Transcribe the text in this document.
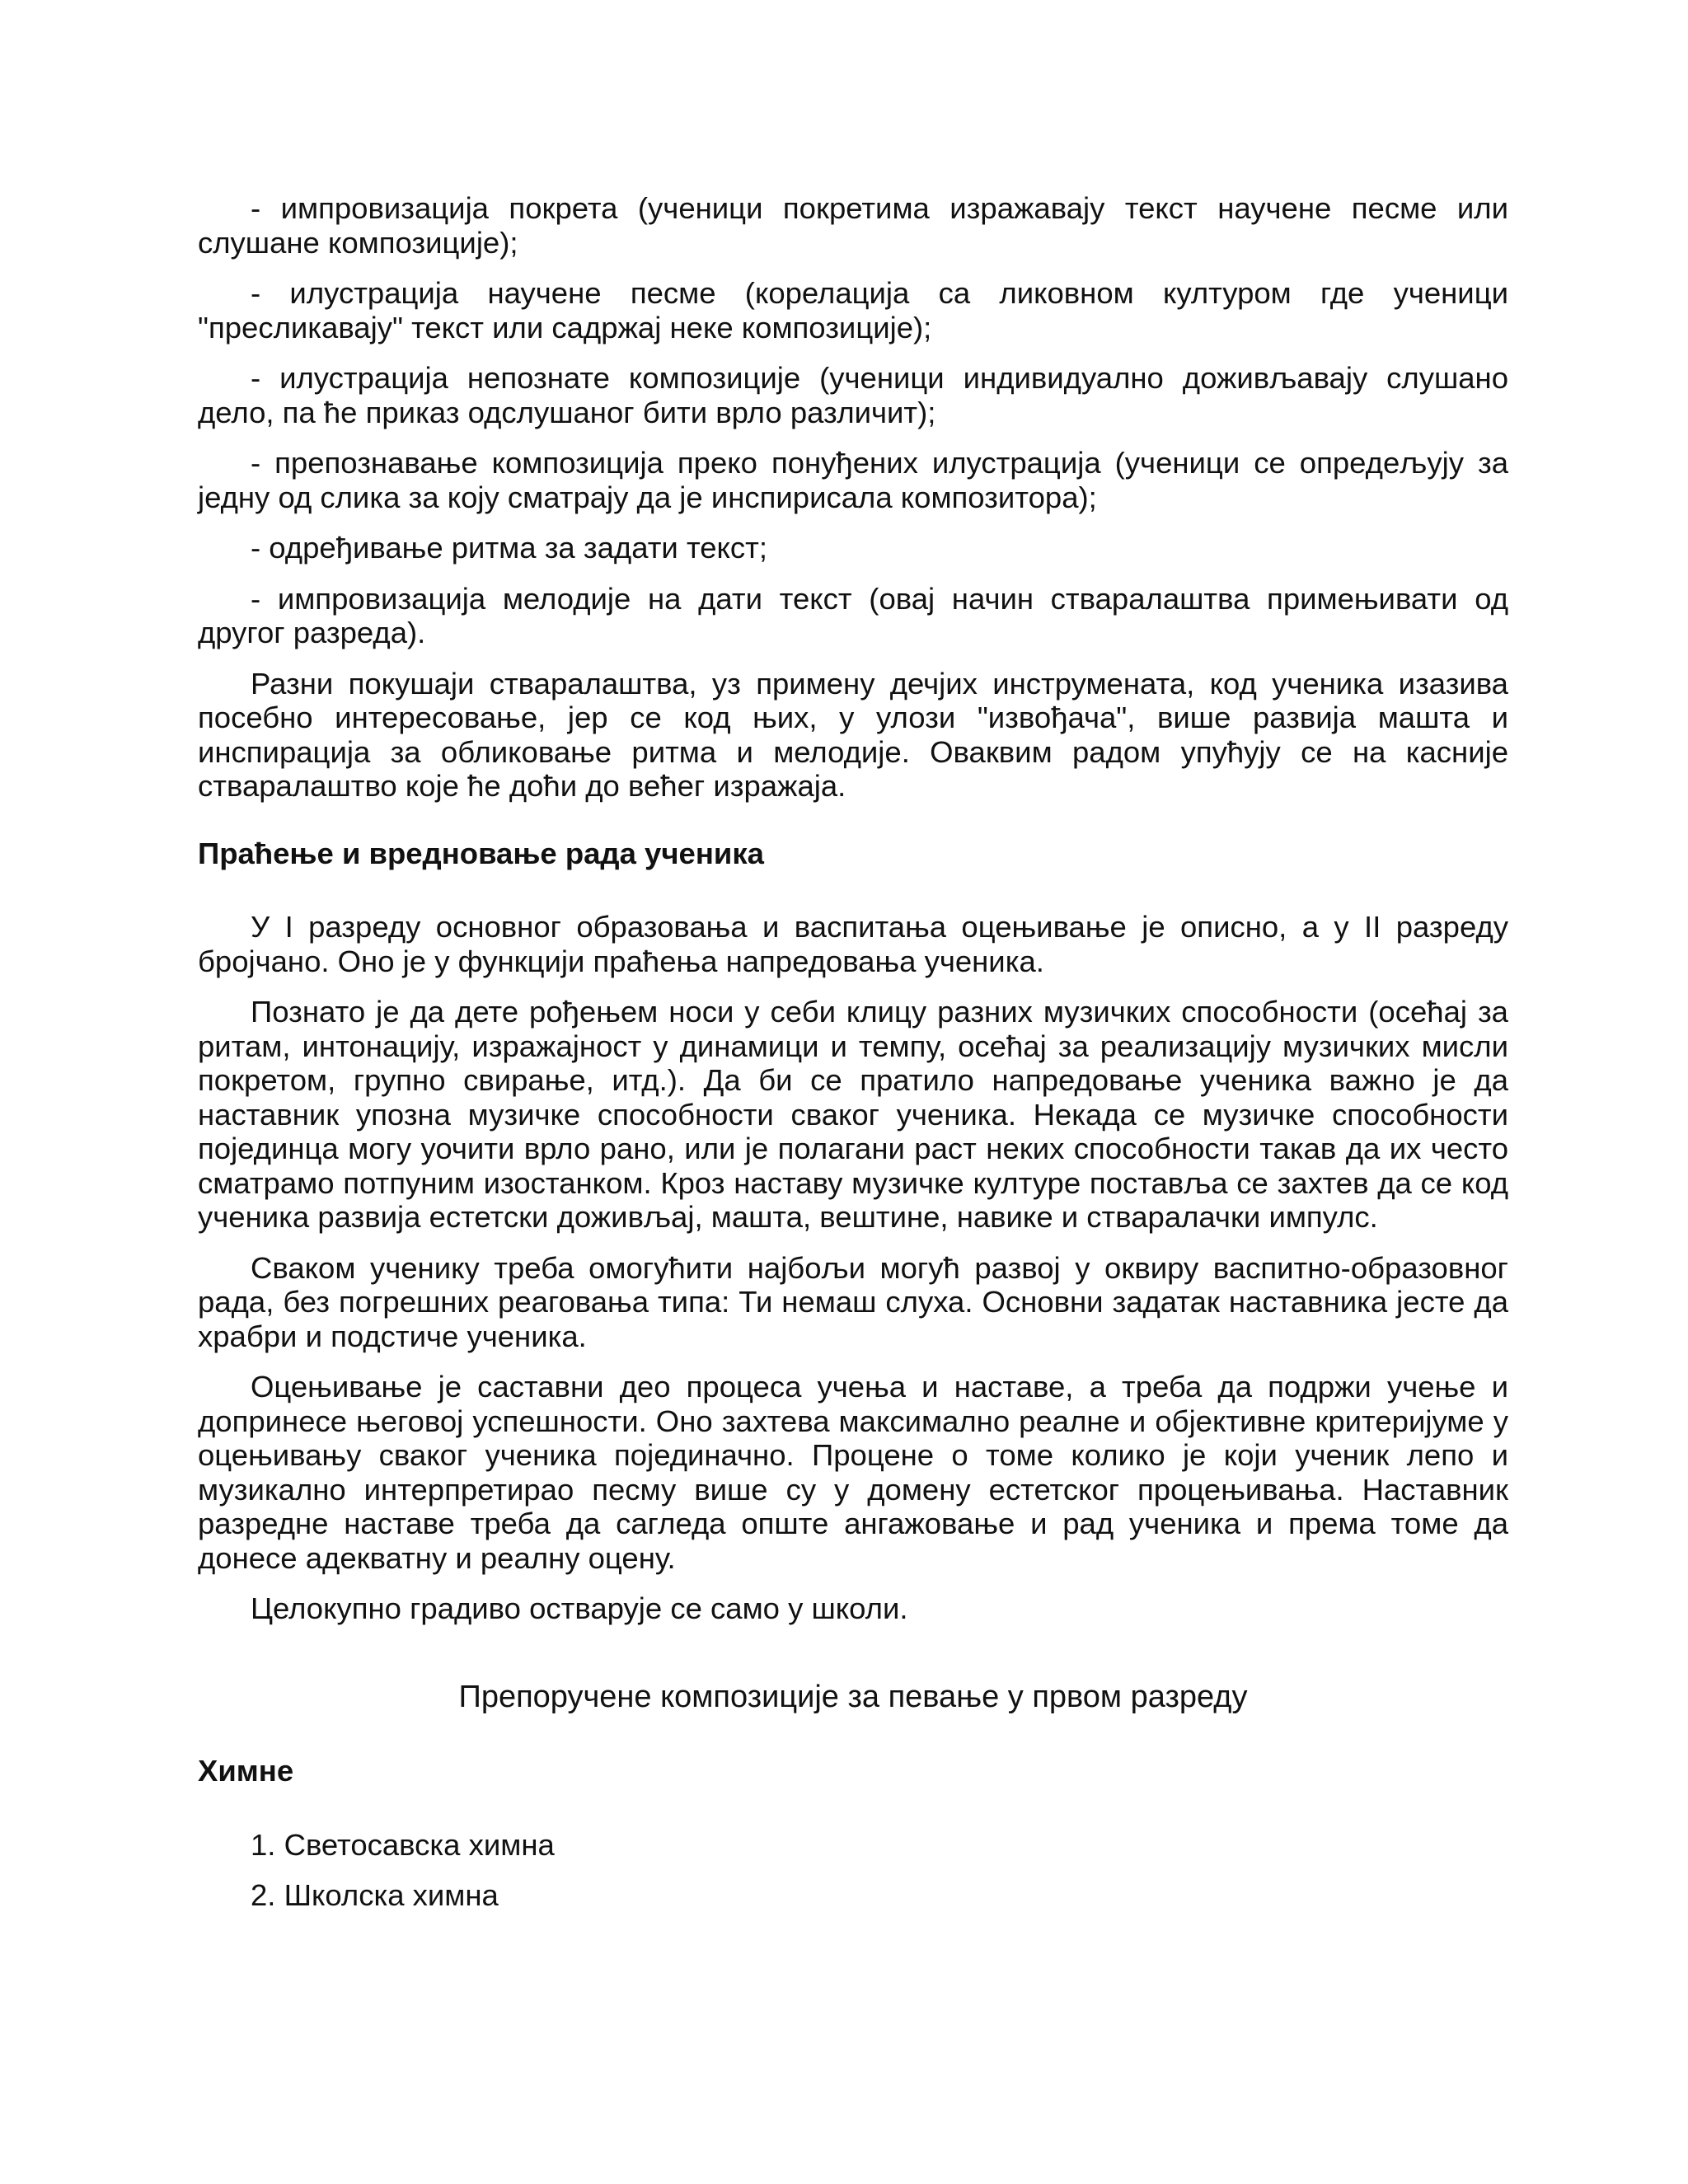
- импровизација покрета (ученици покретима изражавају текст научене песме или слушане композиције);

- илустрација научене песме (корелација са ликовном културом где ученици "пресликавају" текст или садржај неке композиције);

- илустрација непознате композиције (ученици индивидуално доживљавају слушано дело, па ће приказ одслушаног бити врло различит);

- препознавање композиција преко понуђених илустрација (ученици се опредељују за једну од слика за коју сматрају да је инспирисала композитора);

- одређивање ритма за задати текст;

- импровизација мелодије на дати текст (овај начин стваралаштва примењивати од другог разреда).

Разни покушаји стваралаштва, уз примену дечјих инструмената, код ученика изазива посебно интересовање, јер се код њих, у улози "извођача", више развија машта и инспирација за обликовање ритма и мелодије. Оваквим радом упућују се на касније стваралаштво које ће доћи до већег изражаја.

Праћење и вредновање рада ученика

У I разреду основног образовања и васпитања оцењивање је описно, а у II разреду бројчано. Оно је у функцији праћења напредовања ученика.

Познато је да дете рођењем носи у себи клицу разних музичких способности (осећај за ритам, интонацију, изражајност у динамици и темпу, осећај за реализацију музичких мисли покретом, групно свирање, итд.). Да би се пратило напредовање ученика важно је да наставник упозна музичке способности сваког ученика. Некада се музичке способности појединца могу уочити врло рано, или је полагани раст неких способности такав да их често сматрамо потпуним изостанком. Кроз наставу музичке културе поставља се захтев да се код ученика развија естетски доживљај, машта, вештине, навике и стваралачки импулс.

Сваком ученику треба омогућити најбољи могућ развој у оквиру васпитно-образовног рада, без погрешних реаговања типа: Ти немаш слуха. Основни задатак наставника јесте да храбри и подстиче ученика.

Оцењивање је саставни део процеса учења и наставе, а треба да подржи учење и допринесе његовој успешности. Оно захтева максимално реалне и објективне критеријуме у оцењивању сваког ученика појединачно. Процене о томе колико је који ученик лепо и музикално интерпретирао песму више су у домену естетског процењивања. Наставник разредне наставе треба да сагледа опште ангажовање и рад ученика и према томе да донесе адекватну и реалну оцену.

Целокупно градиво остварује се само у школи.

Препоручене композиције за певање у првом разреду
Химне

1. Светосавска химна

2. Школска химна
